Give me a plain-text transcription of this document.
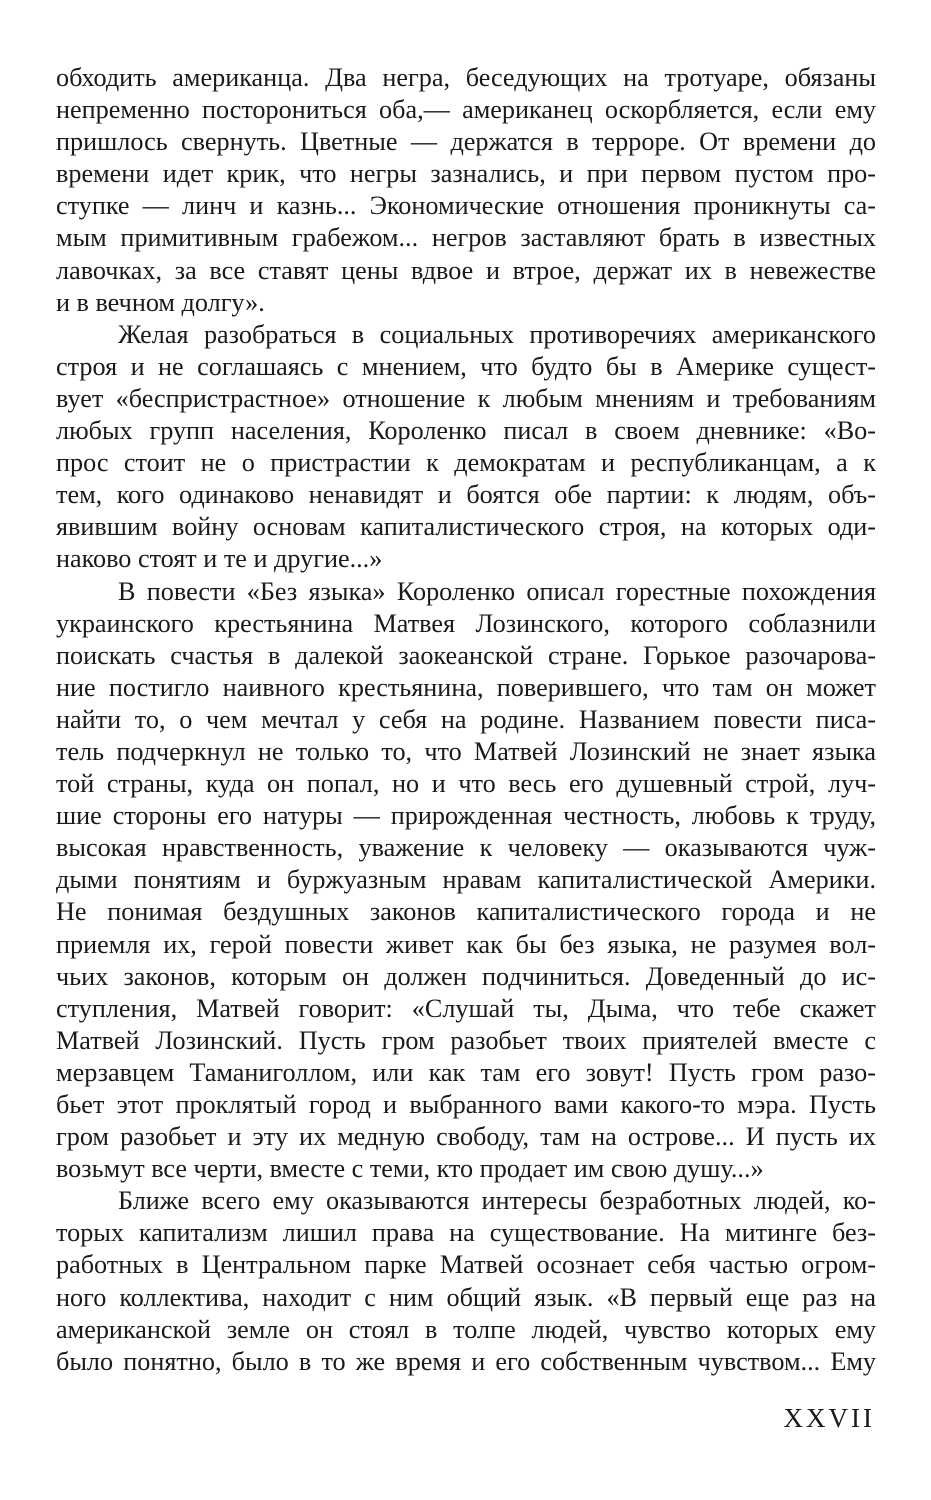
обходить американца. Два негра, беседующих на тротуаре, обязаны
непременно посторониться оба,— американец оскорбляется, если ему
пришлось свернуть. Цветные — держатся в терроре. От времени до
времени идет крик, что негры зазнались, и при первом пустом про-
ступке — линч и казнь... Экономические отношения проникнуты са-
мым примитивным грабежом... негров заставляют брать в известных
лавочках, за все ставят цены вдвое и втрое, держат их в невежестве
и в вечном долгу».
Желая разобраться в социальных противоречиях американского
строя и не соглашаясь с мнением, что будто бы в Америке сущест-
вует «беспристрастное» отношение к любым мнениям и требованиям
любых групп населения, Короленко писал в своем дневнике: «Во-
прос стоит не о пристрастии к демократам и республиканцам, а к
тем, кого одинаково ненавидят и боятся обе партии: к людям, объ-
явившим войну основам капиталистического строя, на которых оди-
наково стоят и те и другие...»
В повести «Без языка» Короленко описал горестные похождения
украинского крестьянина Матвея Лозинского, которого соблазнили
поискать счастья в далекой заокеанской стране. Горькое разочарова-
ние постигло наивного крестьянина, поверившего, что там он может
найти то, о чем мечтал у себя на родине. Названием повести писа-
тель подчеркнул не только то, что Матвей Лозинский не знает языка
той страны, куда он попал, но и что весь его душевный строй, луч-
шие стороны его натуры — прирожденная честность, любовь к труду,
высокая нравственность, уважение к человеку — оказываются чуж-
дыми понятиям и буржуазным нравам капиталистической Америки.
Не понимая бездушных законов капиталистического города и не
приемля их, герой повести живет как бы без языка, не разумея вол-
чьих законов, которым он должен подчиниться. Доведенный до ис-
ступления, Матвей говорит: «Слушай ты, Дыма, что тебе скажет
Матвей Лозинский. Пусть гром разобьет твоих приятелей вместе с
мерзавцем Таманиголлом, или как там его зовут! Пусть гром разо-
бьет этот проклятый город и выбранного вами какого-то мэра. Пусть
гром разобьет и эту их медную свободу, там на острове... И пусть их
возьмут все черти, вместе с теми, кто продает им свою душу...»
Ближе всего ему оказываются интересы безработных людей, ко-
торых капитализм лишил права на существование. На митинге без-
работных в Центральном парке Матвей осознает себя частью огром-
ного коллектива, находит с ним общий язык. «В первый еще раз на
американской земле он стоял в толпе людей, чувство которых ему
было понятно, было в то же время и его собственным чувством... Ему
XXVII
